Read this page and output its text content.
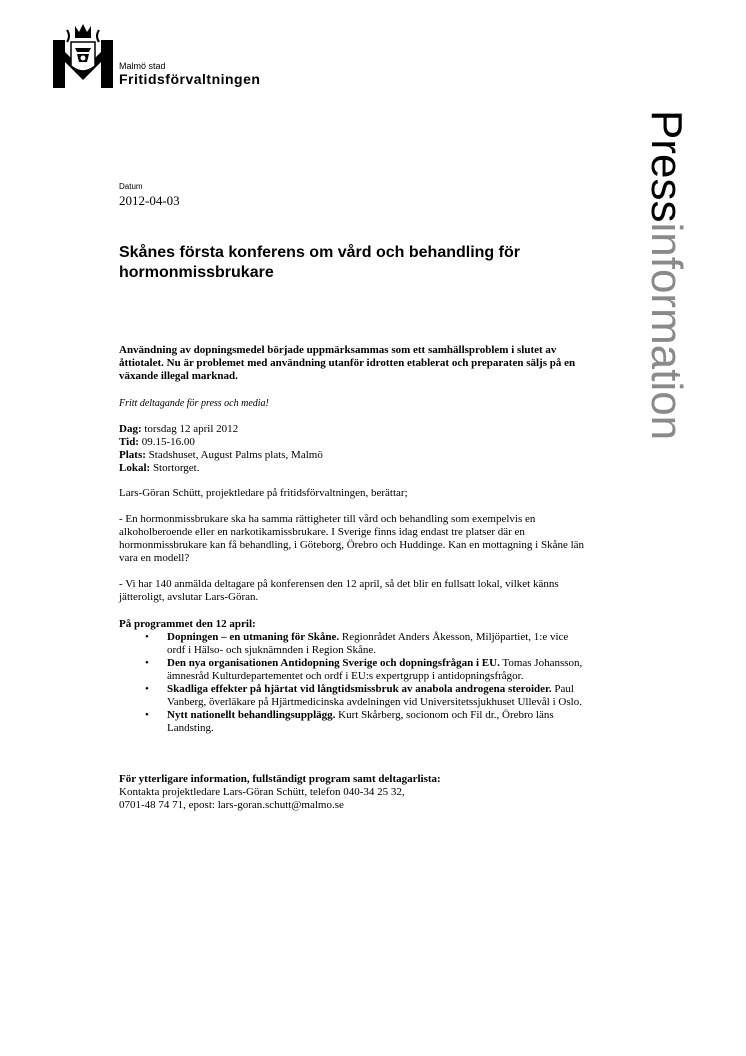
Malmö stad
Fritidsförvaltningen
Pressinformation
Datum
2012-04-03
Skånes första konferens om vård och behandling för hormonmissbrukare

Användning av dopningsmedel började uppmärksammas som ett samhällsproblem i slutet av åttiotalet. Nu är problemet med användning utanför idrotten etablerat och preparaten säljs på en växande illegal marknad.

Fritt deltagande för press och media!

Dag: torsdag 12 april 2012
Tid: 09.15-16.00
Plats: Stadshuset, August Palms plats, Malmö
Lokal: Stortorget.

Lars-Göran Schütt, projektledare på fritidsförvaltningen, berättar;

- En hormonmissbrukare ska ha samma rättigheter till vård och behandling som exempelvis en alkoholberoende eller en narkotikamissbrukare. I Sverige finns idag endast tre platser där en hormonmissbrukare kan få behandling, i Göteborg, Örebro och Huddinge. Kan en mottagning i Skåne län vara en modell?

- Vi har 140 anmälda deltagare på konferensen den 12 april, så det blir en fullsatt lokal, vilket känns jätteroligt, avslutar Lars-Göran.

På programmet den 12 april:

• Dopningen – en utmaning för Skåne. Regionrådet Anders Åkesson, Miljöpartiet, 1:e vice ordf i Hälso- och sjuknämnden i Region Skåne.
• Den nya organisationen Antidopning Sverige och dopningsfrågan i EU. Tomas Johansson, ämnesråd Kulturdepartementet och ordf i EU:s expertgrupp i antidopningsfrågor.
• Skadliga effekter på hjärtat vid långtidsmissbruk av anabola androgena steroider. Paul Vanberg, överläkare på Hjärtmedicinska avdelningen vid Universitetssjukhuset Ullevål i Oslo.
• Nytt nationellt behandlingsupplägg. Kurt Skårberg, socionom och Fil dr., Örebro läns Landsting.
För ytterligare information, fullständigt program samt deltagarlista:
Kontakta projektledare Lars-Göran Schütt, telefon 040-34 25 32,
0701-48 74 71, epost: lars-goran.schutt@malmo.se
